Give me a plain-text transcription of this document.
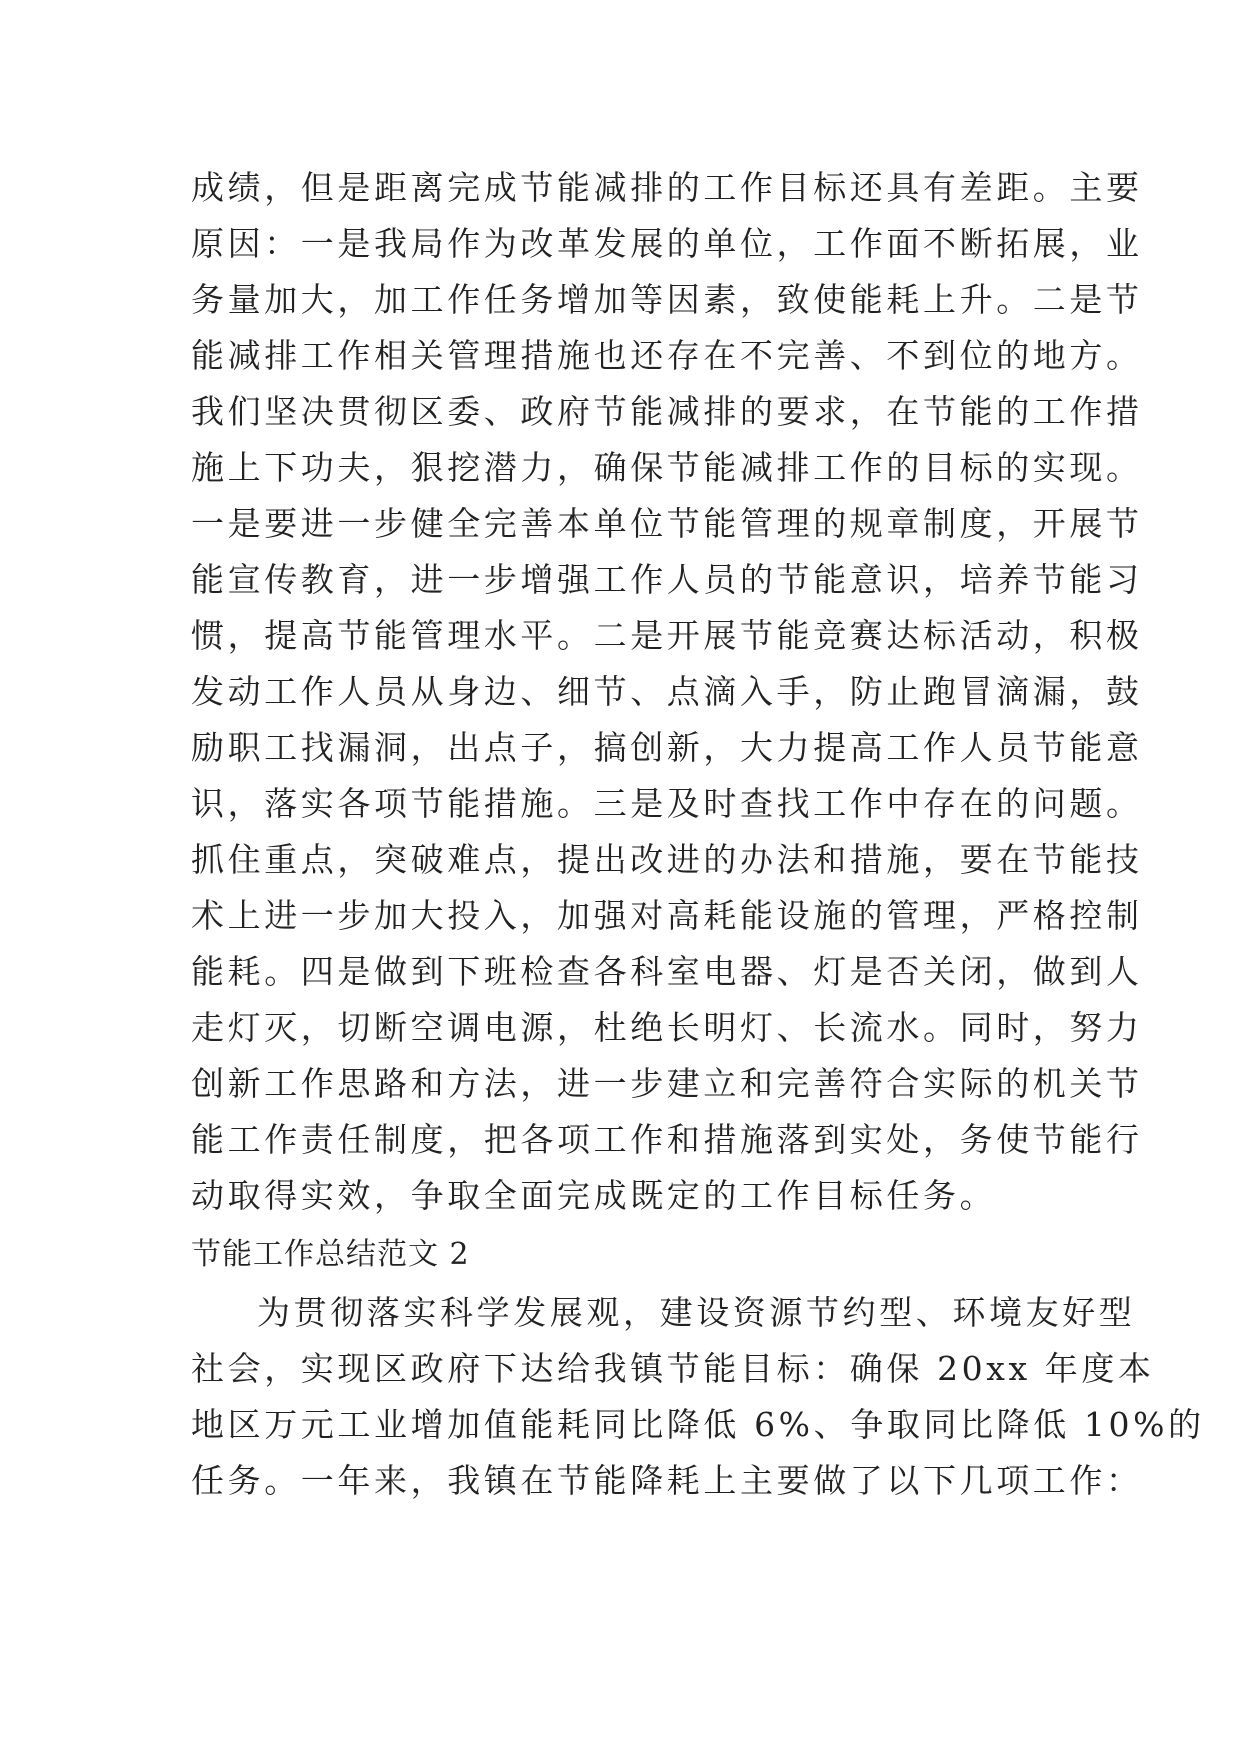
成绩，但是距离完成节能减排的工作目标还具有差距。主要
原因：一是我局作为改革发展的单位，工作面不断拓展，业
务量加大，加工作任务增加等因素，致使能耗上升。二是节
能减排工作相关管理措施也还存在不完善、不到位的地方。
我们坚决贯彻区委、政府节能减排的要求，在节能的工作措
施上下功夫，狠挖潜力，确保节能减排工作的目标的实现。
一是要进一步健全完善本单位节能管理的规章制度，开展节
能宣传教育，进一步增强工作人员的节能意识，培养节能习
惯，提高节能管理水平。二是开展节能竞赛达标活动，积极
发动工作人员从身边、细节、点滴入手，防止跑冒滴漏，鼓
励职工找漏洞，出点子，搞创新，大力提高工作人员节能意
识，落实各项节能措施。三是及时查找工作中存在的问题。
抓住重点，突破难点，提出改进的办法和措施，要在节能技
术上进一步加大投入，加强对高耗能设施的管理，严格控制
能耗。四是做到下班检查各科室电器、灯是否关闭，做到人
走灯灭，切断空调电源，杜绝长明灯、长流水。同时，努力
创新工作思路和方法，进一步建立和完善符合实际的机关节
能工作责任制度，把各项工作和措施落到实处，务使节能行
动取得实效，争取全面完成既定的工作目标任务。
节能工作总结范文 2
为贯彻落实科学发展观，建设资源节约型、环境友好型
社会，实现区政府下达给我镇节能目标：确保 20xx 年度本
地区万元工业增加值能耗同比降低 6%、争取同比降低 10%的
任务。一年来，我镇在节能降耗上主要做了以下几项工作：
